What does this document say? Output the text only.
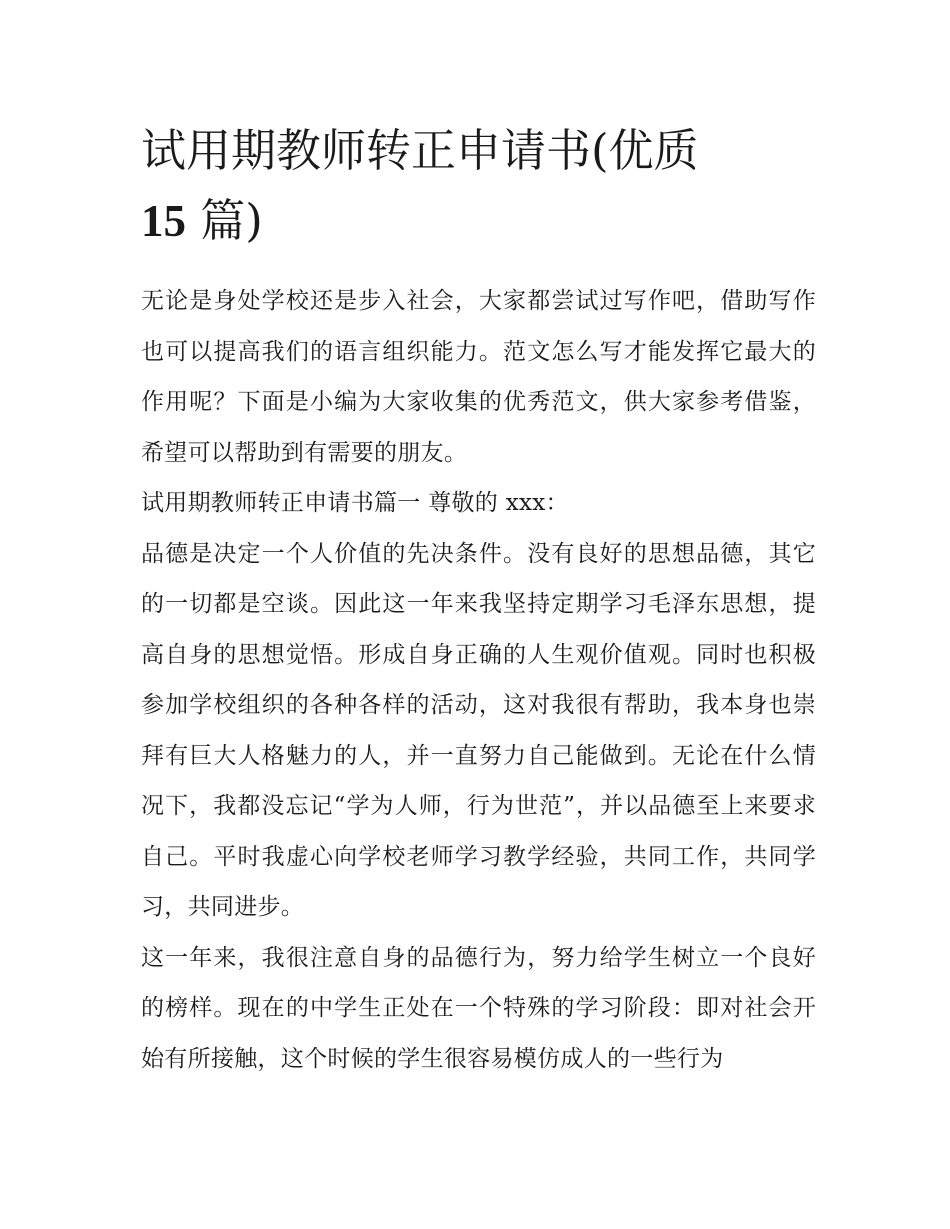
试用期教师转正申请书(优质
15 篇)

无论是身处学校还是步入社会，大家都尝试过写作吧，借助写作也可以提高我们的语言组织能力。范文怎么写才能发挥它最大的作用呢？下面是小编为大家收集的优秀范文，供大家参考借鉴，希望可以帮助到有需要的朋友。

试用期教师转正申请书篇一 尊敬的 xxx：

品德是决定一个人价值的先决条件。没有良好的思想品德，其它的一切都是空谈。因此这一年来我坚持定期学习毛泽东思想，提高自身的思想觉悟。形成自身正确的人生观价值观。同时也积极参加学校组织的各种各样的活动，这对我很有帮助，我本身也崇拜有巨大人格魅力的人，并一直努力自己能做到。无论在什么情况下，我都没忘记“学为人师，行为世范”，并以品德至上来要求自己。平时我虚心向学校老师学习教学经验，共同工作，共同学习，共同进步。

这一年来，我很注意自身的品德行为，努力给学生树立一个良好的榜样。现在的中学生正处在一个特殊的学习阶段：即对社会开始有所接触，这个时候的学生很容易模仿成人的一些行为
